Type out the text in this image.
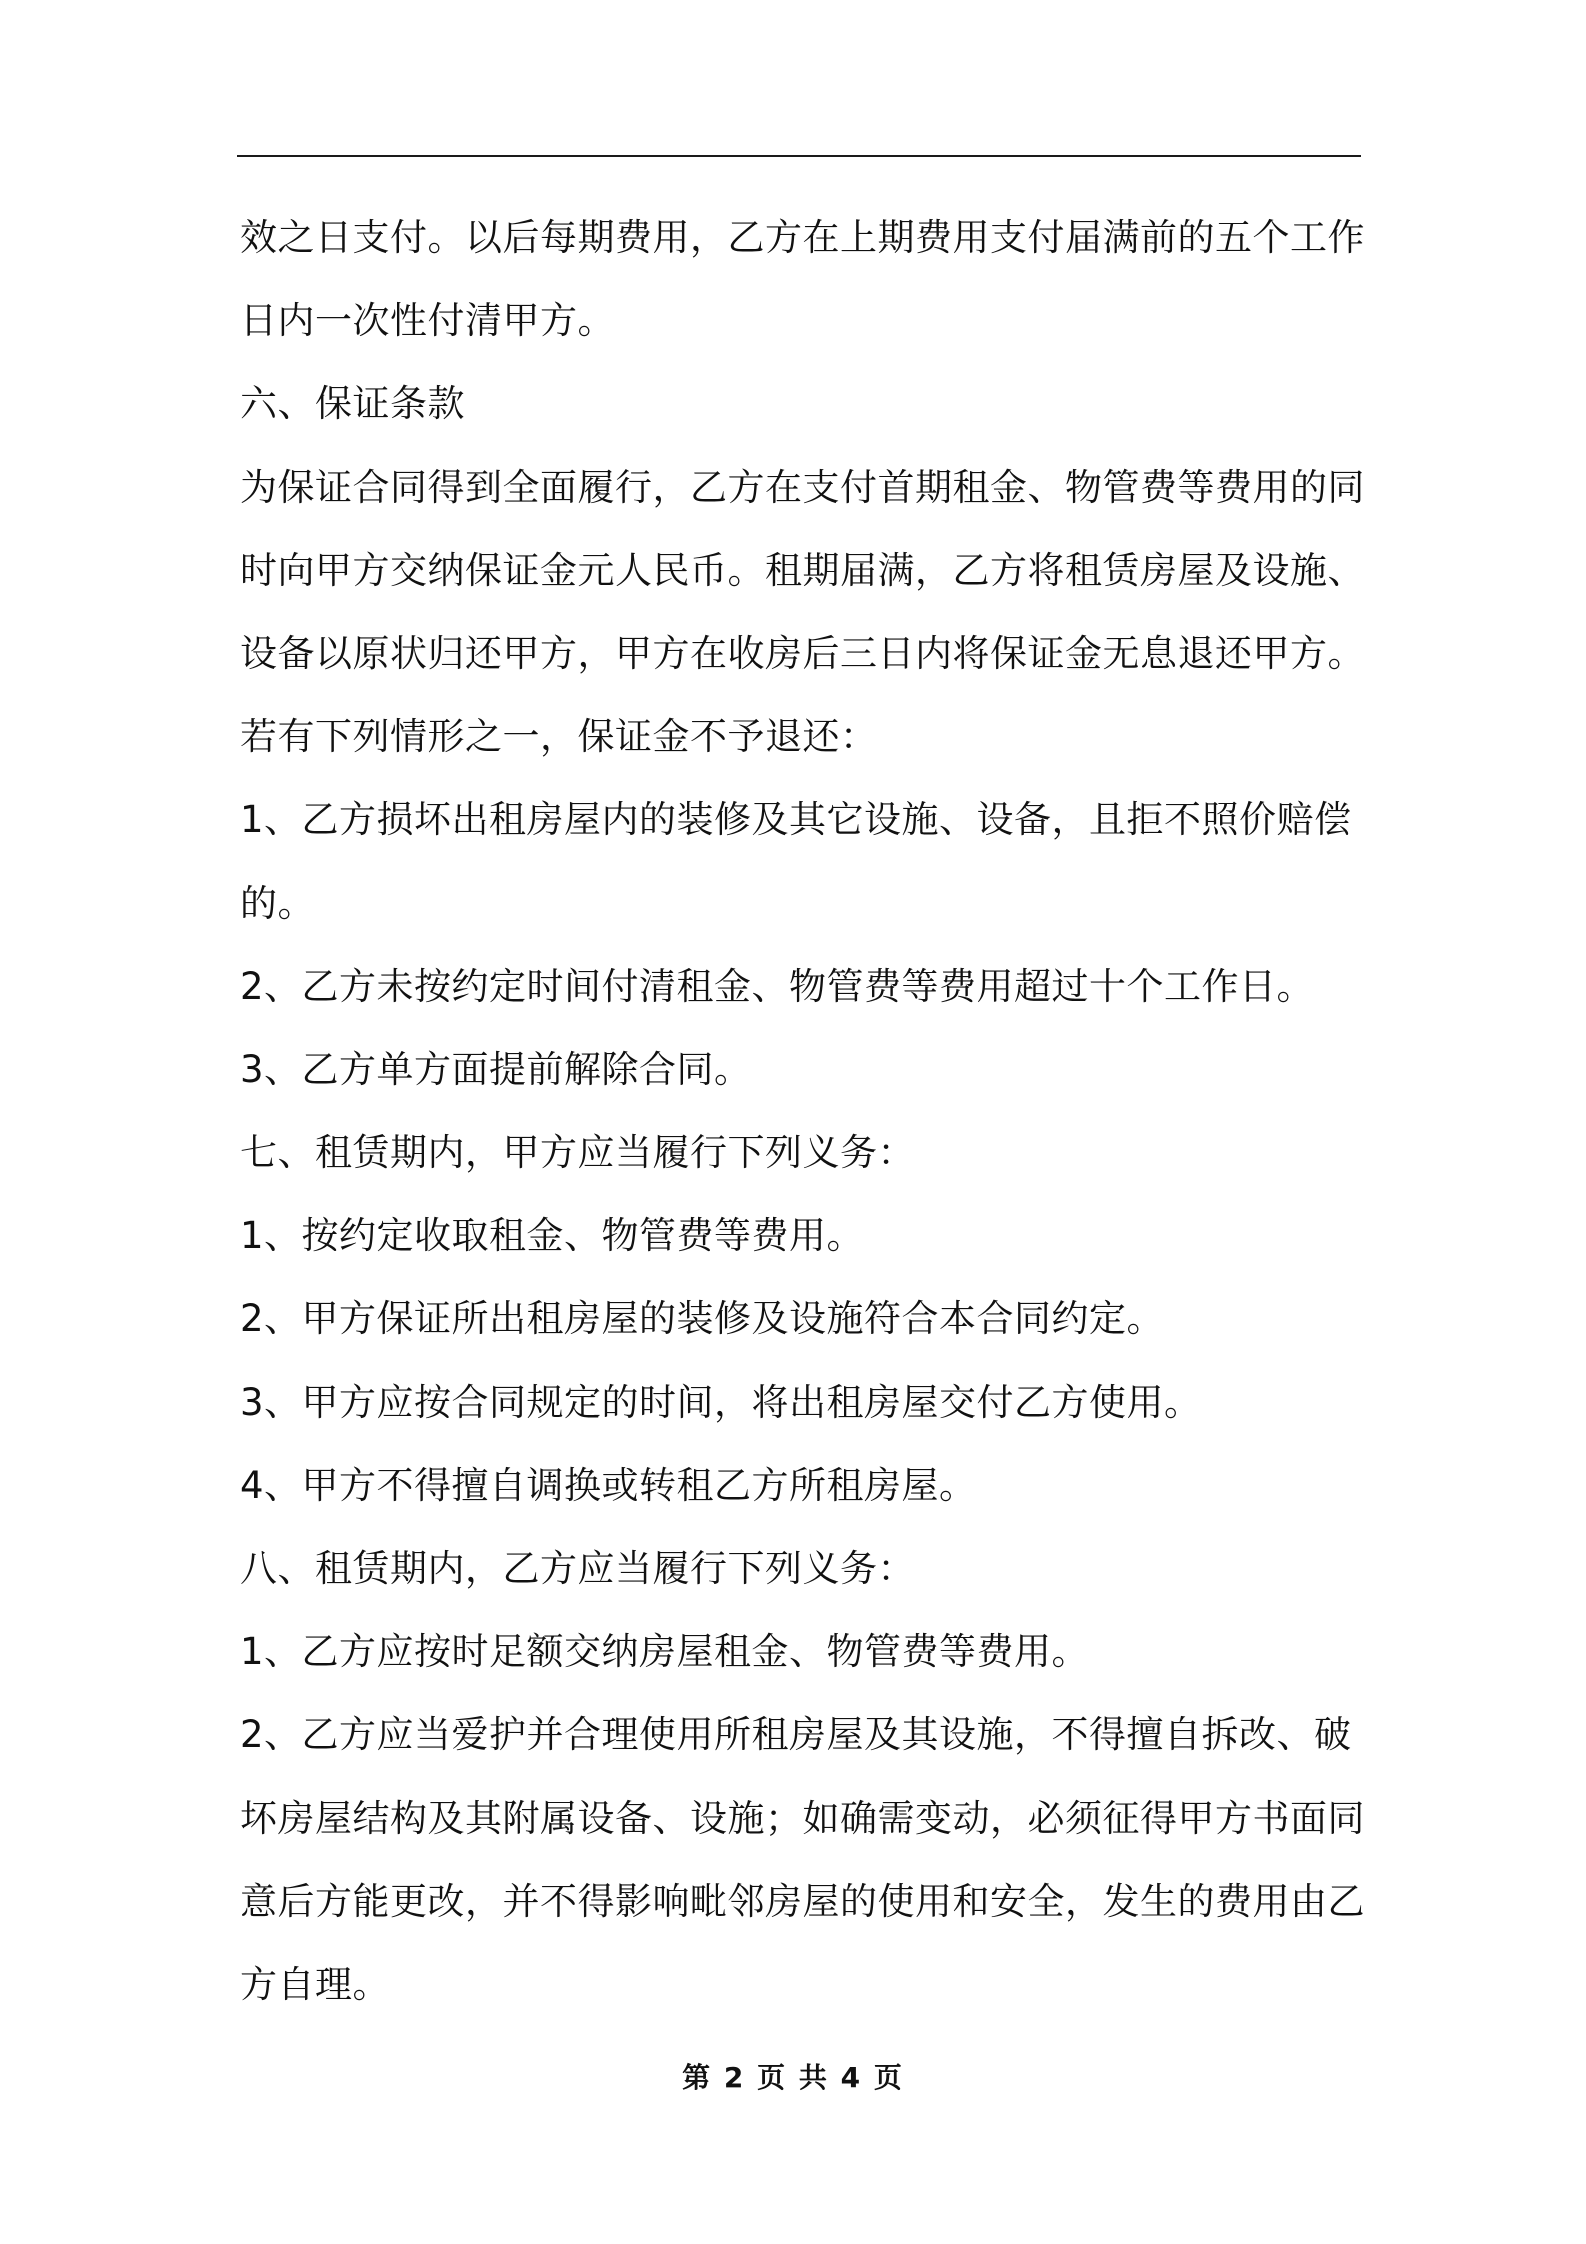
效之日支付。以后每期费用，乙方在上期费用支付届满前的五个工作
日内一次性付清甲方。
六、保证条款
为保证合同得到全面履行，乙方在支付首期租金、物管费等费用的同
时向甲方交纳保证金元人民币。租期届满，乙方将租赁房屋及设施、
设备以原状归还甲方，甲方在收房后三日内将保证金无息退还甲方。
若有下列情形之一，保证金不予退还：
1、乙方损坏出租房屋内的装修及其它设施、设备，且拒不照价赔偿
的。
2、乙方未按约定时间付清租金、物管费等费用超过十个工作日。
3、乙方单方面提前解除合同。
七、租赁期内，甲方应当履行下列义务：
1、按约定收取租金、物管费等费用。
2、甲方保证所出租房屋的装修及设施符合本合同约定。
3、甲方应按合同规定的时间，将出租房屋交付乙方使用。
4、甲方不得擅自调换或转租乙方所租房屋。
八、租赁期内，乙方应当履行下列义务：
1、乙方应按时足额交纳房屋租金、物管费等费用。
2、乙方应当爱护并合理使用所租房屋及其设施，不得擅自拆改、破
坏房屋结构及其附属设备、设施；如确需变动，必须征得甲方书面同
意后方能更改，并不得影响毗邻房屋的使用和安全，发生的费用由乙
方自理。
第 2 页 共 4 页
